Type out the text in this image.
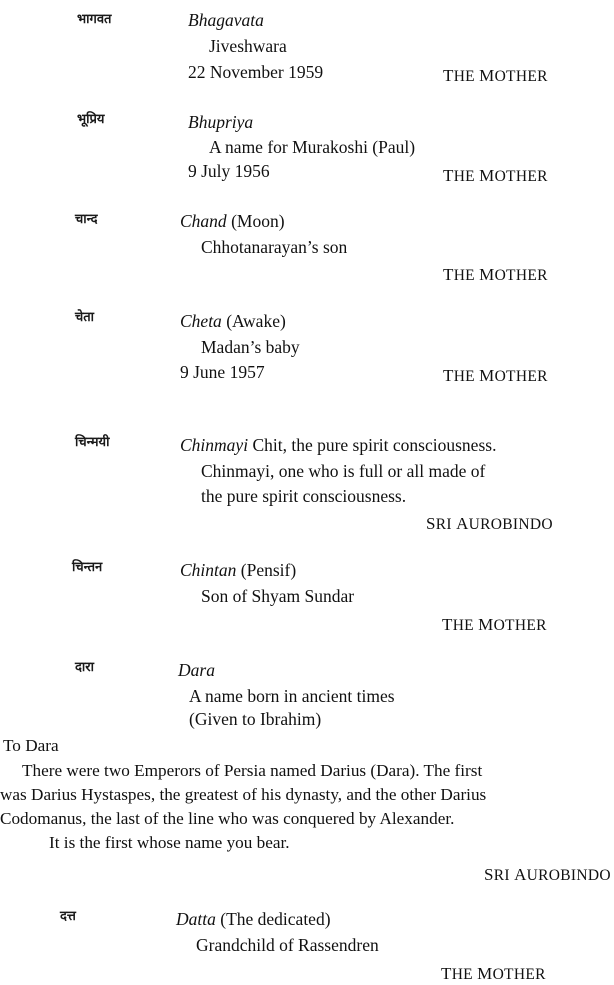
भागवत	Bhagavata
Jiveshwara
22 November 1959	THE MOTHER
भूप्रिय	Bhupriya
A name for Murakoshi (Paul)
9 July 1956	THE MOTHER
चान्द	Chand (Moon)
Chhotanarayan’s son
THE MOTHER
चेता	Cheta (Awake)
Madan’s baby
9 June 1957	THE MOTHER
चिन्मयी	Chinmayi Chit, the pure spirit consciousness.
Chinmayi, one who is full or all made of
the pure spirit consciousness.
SRI AUROBINDO
चिन्तन	Chintan (Pensif)
Son of Shyam Sundar
THE MOTHER
दारा	Dara
A name born in ancient times
(Given to Ibrahim)
To Dara
There were two Emperors of Persia named Darius (Dara). The first
was Darius Hystaspes, the greatest of his dynasty, and the other Darius
Codomanus, the last of the line who was conquered by Alexander.
It is the first whose name you bear.
SRI AUROBINDO
दत्त	Datta (The dedicated)
Grandchild of Rassendren
THE MOTHER
